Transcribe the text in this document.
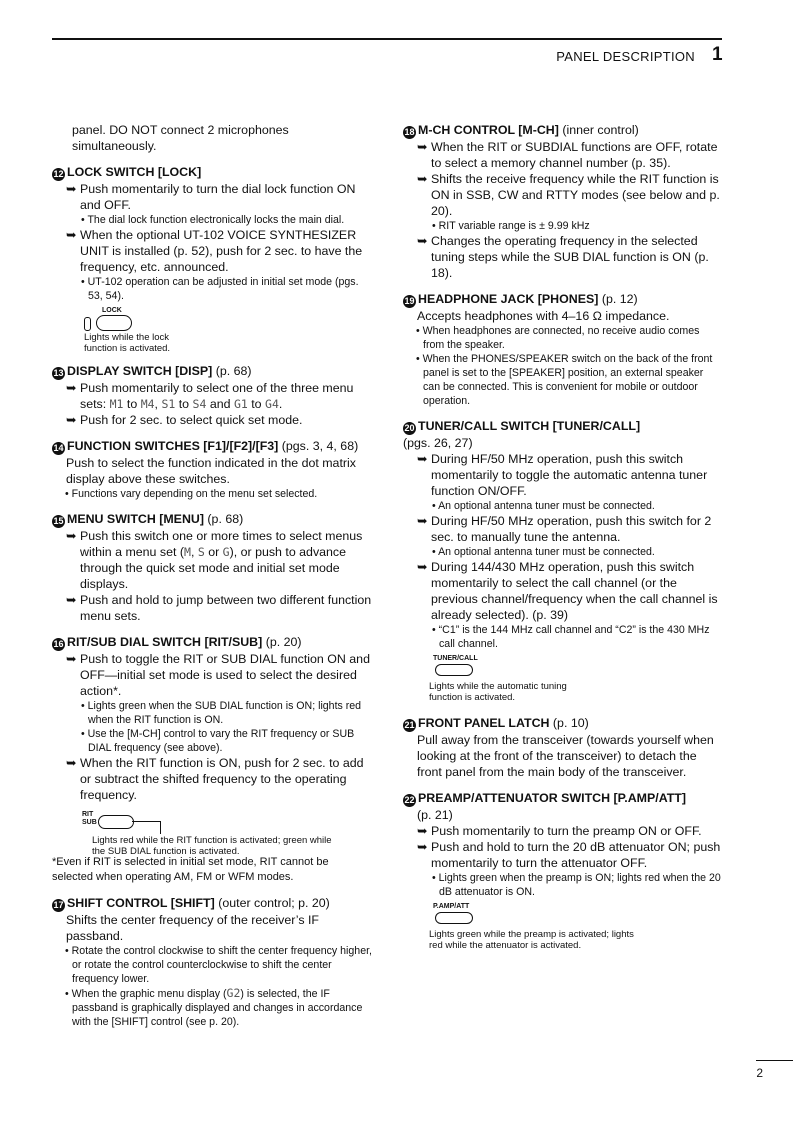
PANEL DESCRIPTION 1
panel. DO NOT connect 2 microphones simultaneously.
12 LOCK SWITCH [LOCK]
➥ Push momentarily to turn the dial lock function ON and OFF.
• The dial lock function electronically locks the main dial.
➥ When the optional UT-102 VOICE SYNTHESIZER UNIT is installed (p. 52), push for 2 sec. to have the frequency, etc. announced.
• UT-102 operation can be adjusted in initial set mode (pgs. 53, 54).
LOCK
Lights while the lock function is activated.
13 DISPLAY SWITCH [DISP] (p. 68)
➥ Push momentarily to select one of the three menu sets: M1 to M4, S1 to S4 and G1 to G4.
➥ Push for 2 sec. to select quick set mode.
14 FUNCTION SWITCHES [F1]/[F2]/[F3] (pgs. 3, 4, 68)
Push to select the function indicated in the dot matrix display above these switches.
• Functions vary depending on the menu set selected.
15 MENU SWITCH [MENU] (p. 68)
➥ Push this switch one or more times to select menus within a menu set (M, S or G), or push to advance through the quick set mode and initial set mode displays.
➥ Push and hold to jump between two different function menu sets.
16 RIT/SUB DIAL SWITCH [RIT/SUB] (p. 20)
➥ Push to toggle the RIT or SUB DIAL function ON and OFF—initial set mode is used to select the desired action*.
• Lights green when the SUB DIAL function is ON; lights red when the RIT function is ON.
• Use the [M-CH] control to vary the RIT frequency or SUB DIAL frequency (see above).
➥ When the RIT function is ON, push for 2 sec. to add or subtract the shifted frequency to the operating frequency.
RIT SUB
Lights red while the RIT function is activated; green while the SUB DIAL function is activated.
*Even if RIT is selected in initial set mode, RIT cannot be selected when operating AM, FM or WFM modes.
17 SHIFT CONTROL [SHIFT] (outer control; p. 20)
Shifts the center frequency of the receiver’s IF passband.
• Rotate the control clockwise to shift the center frequency higher, or rotate the control counterclockwise to shift the center frequency lower.
• When the graphic menu display (G2) is selected, the IF passband is graphically displayed and changes in accordance with the [SHIFT] control (see p. 20).
18 M-CH CONTROL [M-CH] (inner control)
➥ When the RIT or SUBDIAL functions are OFF, rotate to select a memory channel number (p. 35).
➥ Shifts the receive frequency while the RIT function is ON in SSB, CW and RTTY modes (see below and p. 20).
• RIT variable range is ± 9.99 kHz
➥ Changes the operating frequency in the selected tuning steps while the SUB DIAL function is ON (p. 18).
19 HEADPHONE JACK [PHONES] (p. 12)
Accepts headphones with 4–16 Ω impedance.
• When headphones are connected, no receive audio comes from the speaker.
• When the PHONES/SPEAKER switch on the back of the front panel is set to the [SPEAKER] position, an external speaker can be connected. This is convenient for mobile or outdoor operation.
20 TUNER/CALL SWITCH [TUNER/CALL]
(pgs. 26, 27)
➥ During HF/50 MHz operation, push this switch momentarily to toggle the automatic antenna tuner function ON/OFF.
• An optional antenna tuner must be connected.
➥ During HF/50 MHz operation, push this switch for 2 sec. to manually tune the antenna.
• An optional antenna tuner must be connected.
➥ During 144/430 MHz operation, push this switch momentarily to select the call channel (or the previous channel/frequency when the call channel is already selected). (p. 39)
• “C1” is the 144 MHz call channel and “C2” is the 430 MHz call channel.
TUNER/CALL
Lights while the automatic tuning function is activated.
21 FRONT PANEL LATCH (p. 10)
Pull away from the transceiver (towards yourself when looking at the front of the transceiver) to detach the front panel from the main body of the transceiver.
22 PREAMP/ATTENUATOR SWITCH [P.AMP/ATT]
(p. 21)
➥ Push momentarily to turn the preamp ON or OFF.
➥ Push and hold to turn the 20 dB attenuator ON; push momentarily to turn the attenuator OFF.
• Lights green when the preamp is ON; lights red when the 20 dB attenuator is ON.
P.AMP/ATT
Lights green while the preamp is activated; lights red while the attenuator is activated.
2
